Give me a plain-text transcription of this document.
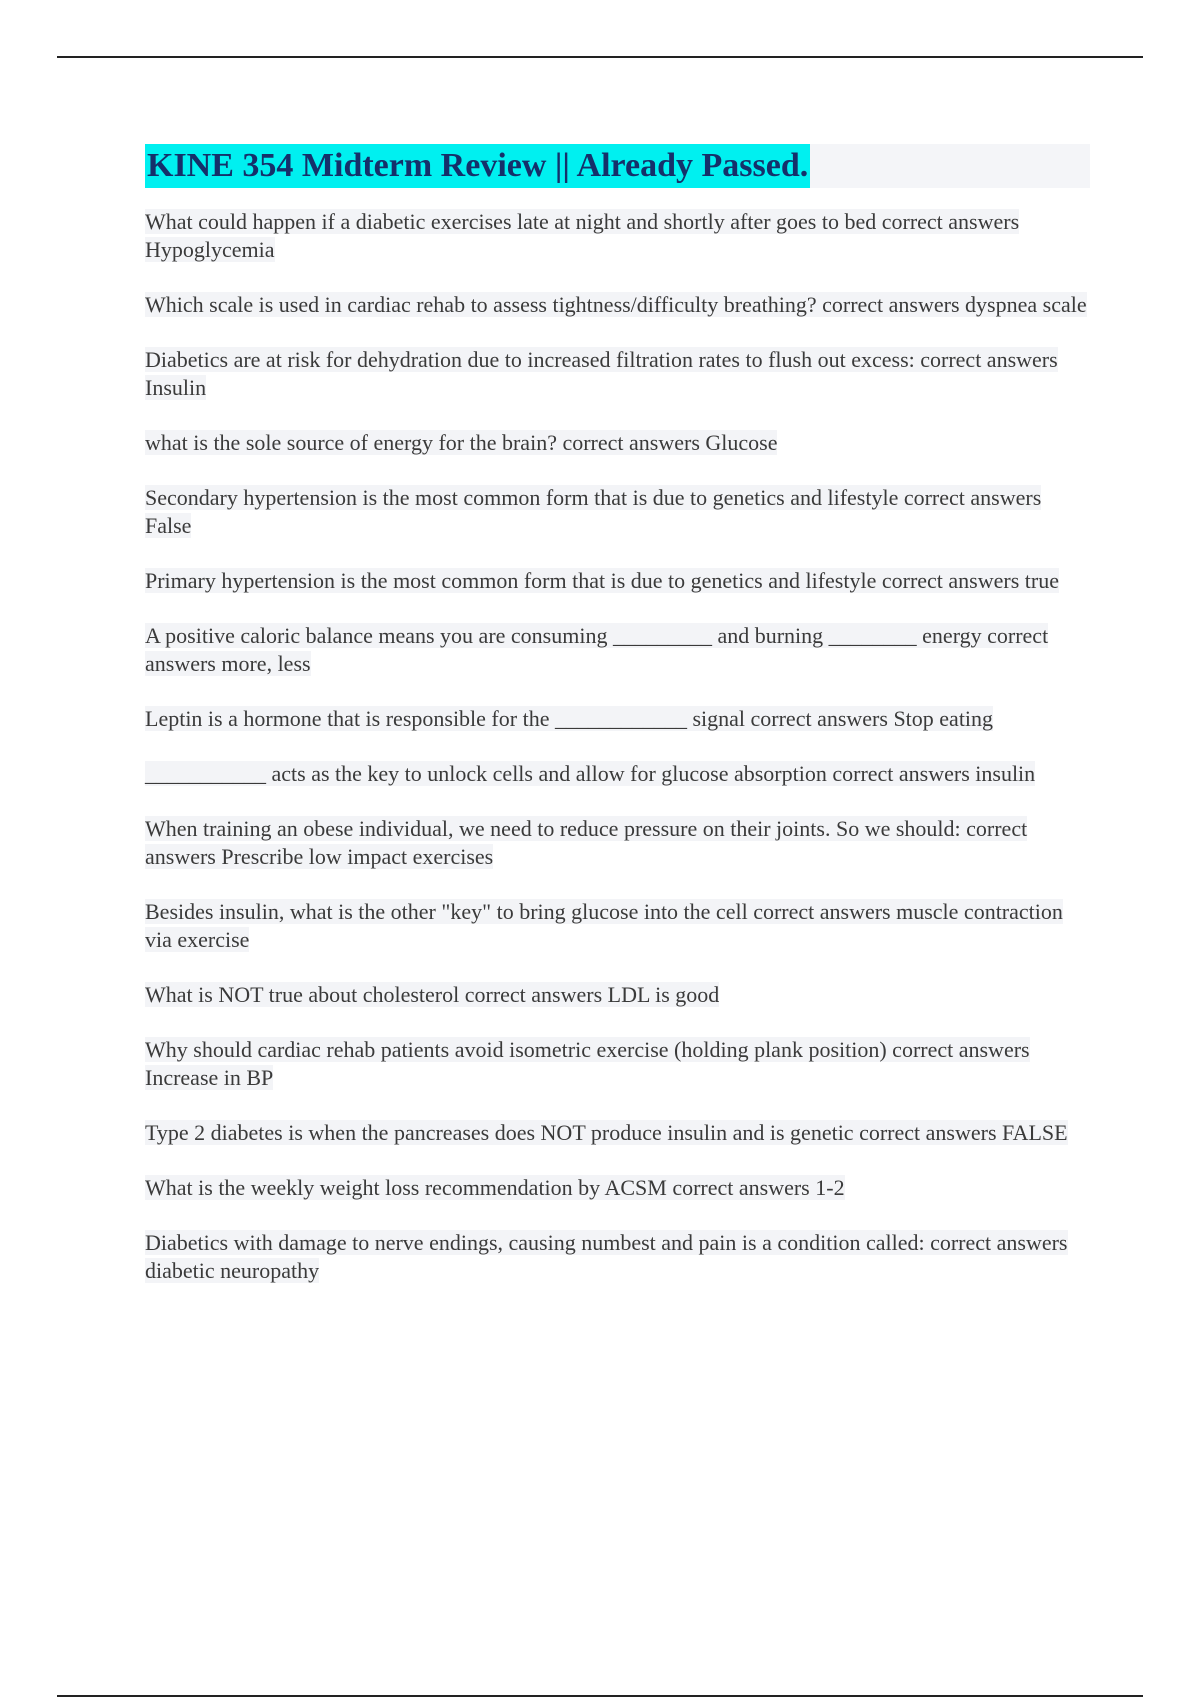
KINE 354 Midterm Review || Already Passed.

What could happen if a diabetic exercises late at night and shortly after goes to bed correct answers Hypoglycemia

Which scale is used in cardiac rehab to assess tightness/difficulty breathing? correct answers dyspnea scale

Diabetics are at risk for dehydration due to increased filtration rates to flush out excess: correct answers Insulin

what is the sole source of energy for the brain? correct answers Glucose

Secondary hypertension is the most common form that is due to genetics and lifestyle correct answers False

Primary hypertension is the most common form that is due to genetics and lifestyle correct answers true

A positive caloric balance means you are consuming _________ and burning ________ energy correct answers more, less

Leptin is a hormone that is responsible for the ____________ signal correct answers Stop eating

___________ acts as the key to unlock cells and allow for glucose absorption correct answers insulin

When training an obese individual, we need to reduce pressure on their joints. So we should: correct answers Prescribe low impact exercises

Besides insulin, what is the other "key" to bring glucose into the cell correct answers muscle contraction via exercise

What is NOT true about cholesterol correct answers LDL is good

Why should cardiac rehab patients avoid isometric exercise (holding plank position) correct answers Increase in BP

Type 2 diabetes is when the pancreases does NOT produce insulin and is genetic correct answers FALSE

What is the weekly weight loss recommendation by ACSM correct answers 1-2

Diabetics with damage to nerve endings, causing numbest and pain is a condition called: correct answers diabetic neuropathy
